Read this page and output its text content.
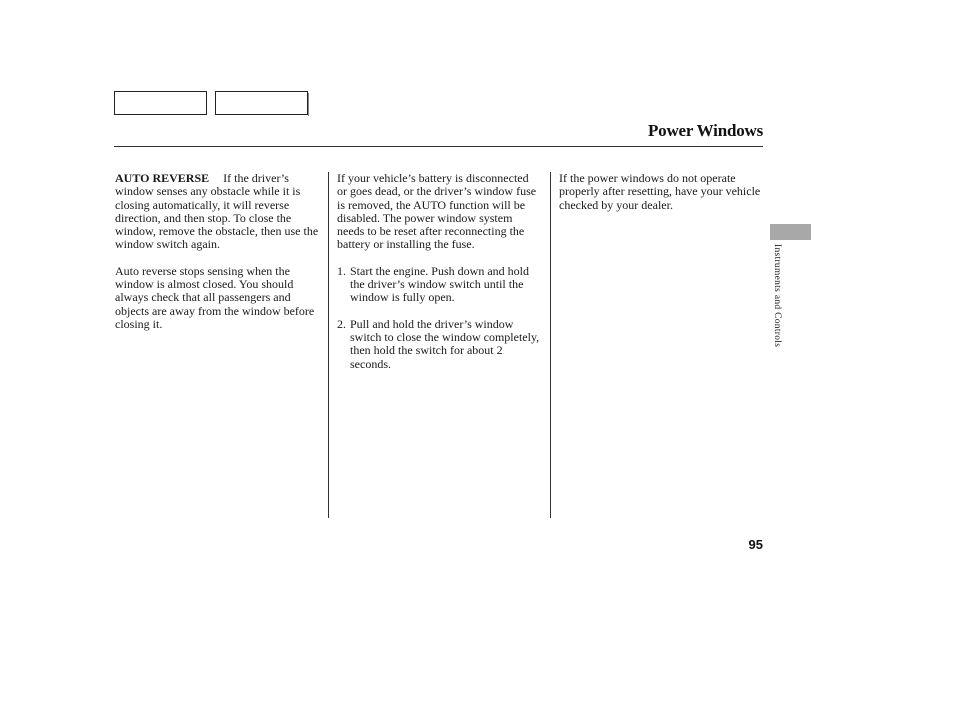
Power Windows

AUTO REVERSE If the driver’s window senses any obstacle while it is closing automatically, it will reverse direction, and then stop. To close the window, remove the obstacle, then use the window switch again.

Auto reverse stops sensing when the window is almost closed. You should always check that all passengers and objects are away from the window before closing it.

If your vehicle’s battery is disconnected or goes dead, or the driver’s window fuse is removed, the AUTO function will be disabled. The power window system needs to be reset after reconnecting the battery or installing the fuse.

1. Start the engine. Push down and hold the driver’s window switch until the window is fully open.
2. Pull and hold the driver’s window switch to close the window completely, then hold the switch for about 2 seconds.

If the power windows do not operate properly after resetting, have your vehicle checked by your dealer.

Instruments and Controls
95
